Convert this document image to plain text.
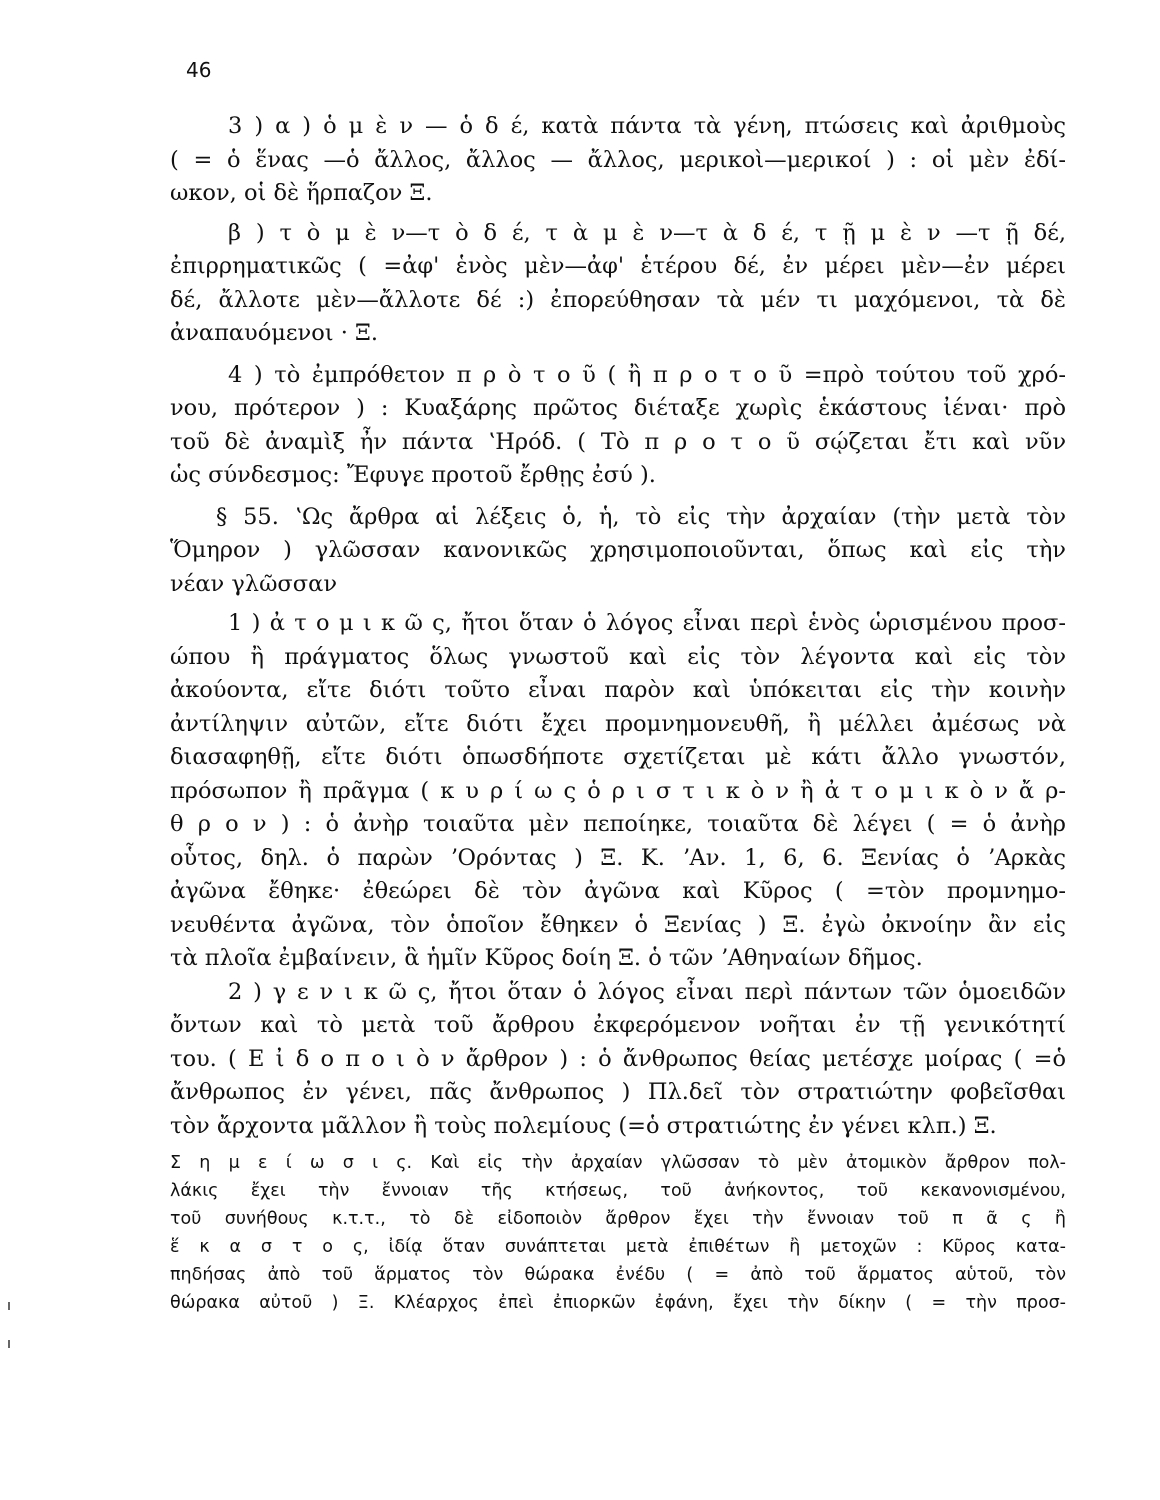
46
3 ) α ) ὁ μ ὲ ν — ὁ δ έ, κατὰ πάντα τὰ γένη, πτώσεις καὶ ἀριθμοὺς
( = ὁ ἕνας —ὁ ἄλλος, ἄλλος — ἄλλος, μερικοὶ—μερικοί ) : οἱ μὲν ἐδί-
ωκον, οἱ δὲ ἥρπαζον Ξ.
β ) τ ὸ μ ὲ ν—τ ὸ δ έ, τ ὰ μ ὲ ν—τ ὰ δ έ, τ ῇ μ ὲ ν —τ ῇ δέ,
ἐπιρρηματικῶς ( =ἀφ' ἑνὸς μὲν—ἀφ' ἑτέρου δέ, ἐν μέρει μὲν—ἐν μέρει
δέ, ἄλλοτε μὲν—ἄλλοτε δέ :) ἐπορεύθησαν τὰ μέν τι μαχόμενοι, τὰ δὲ
ἀναπαυόμενοι · Ξ.
4 ) τὸ ἐμπρόθετον π ρ ὸ τ ο ῦ ( ἢ π ρ ο τ ο ῦ =πρὸ τούτου τοῦ χρό-
νου, πρότερον ) : Κυαξάρης πρῶτος διέταξε χωρὶς ἑκάστους ἰέναι· πρὸ
τοῦ δὲ ἀναμὶξ ἦν πάντα ʽΗρόδ. ( Τὸ π ρ ο τ ο ῦ σῴζεται ἔτι καὶ νῦν
ὡς σύνδεσμος: Ἔφυγε προτοῦ ἔρθῃς ἐσύ ).
§ 55. ʽΩς ἄρθρα αἱ λέξεις ὁ, ἡ, τὸ εἰς τὴν ἀρχαίαν (τὴν μετὰ τὸν
Ὅμηρον ) γλῶσσαν κανονικῶς χρησιμοποιοῦνται, ὅπως καὶ εἰς τὴν
νέαν γλῶσσαν
1 ) ἀ τ ο μ ι κ ῶ ς, ἤτοι ὅταν ὁ λόγος εἶναι περὶ ἑνὸς ὡρισμένου προσ-
ώπου ἢ πράγματος ὅλως γνωστοῦ καὶ εἰς τὸν λέγοντα καὶ εἰς τὸν
ἀκούοντα, εἴτε διότι τοῦτο εἶναι παρὸν καὶ ὑπόκειται εἰς τὴν κοινὴν
ἀντίληψιν αὐτῶν, εἴτε διότι ἔχει προμνημονευθῆ, ἢ μέλλει ἀμέσως νὰ
διασαφηθῇ, εἴτε διότι ὁπωσδήποτε σχετίζεται μὲ κάτι ἄλλο γνωστόν,
πρόσωπον ἢ πρᾶγμα ( κ υ ρ ί ω ς ὁ ρ ι σ τ ι κ ὸ ν ἢ ἀ τ ο μ ι κ ὸ ν ἄ ρ-
θ ρ ο ν ) : ὁ ἀνὴρ τοιαῦτα μὲν πεποίηκε, τοιαῦτα δὲ λέγει ( = ὁ ἀνὴρ
οὗτος, δηλ. ὁ παρὼν ʼΟρόντας ) Ξ. Κ. ʼΑν. 1, 6, 6. Ξενίας ὁ ʼΑρκὰς
ἀγῶνα ἔθηκε· ἐθεώρει δὲ τὸν ἀγῶνα καὶ Κῦρος ( =τὸν προμνημο-
νευθέντα ἀγῶνα, τὸν ὁποῖον ἔθηκεν ὁ Ξενίας ) Ξ. ἐγὼ ὀκνοίην ἂν εἰς
τὰ πλοῖα ἐμβαίνειν, ἃ ἡμῖν Κῦρος δοίη Ξ. ὁ τῶν ʼΑθηναίων δῆμος.
2 ) γ ε ν ι κ ῶ ς, ἤτοι ὅταν ὁ λόγος εἶναι περὶ πάντων τῶν ὁμοειδῶν
ὄντων καὶ τὸ μετὰ τοῦ ἄρθρου ἐκφερόμενον νοῆται ἐν τῇ γενικότητί
του. ( Ε ἰ δ ο π ο ι ὸ ν ἄρθρον ) : ὁ ἄνθρωπος θείας μετέσχε μοίρας ( =ὁ
ἄνθρωπος ἐν γένει, πᾶς ἄνθρωπος ) Πλ.δεῖ τὸν στρατιώτην φοβεῖσθαι
τὸν ἄρχοντα μᾶλλον ἢ τοὺς πολεμίους (=ὁ στρατιώτης ἐν γένει κλπ.) Ξ.
Σ η μ ε ί ω σ ι ς. Καὶ εἰς τὴν ἀρχαίαν γλῶσσαν τὸ μὲν ἀτομικὸν ἄρθρον πολ-
λάκις ἔχει τὴν ἔννοιαν τῆς κτήσεως, τοῦ ἀνήκοντος, τοῦ κεκανονισμένου,
τοῦ συνήθους κ.τ.τ., τὸ δὲ εἰδοποιὸν ἄρθρον ἔχει τὴν ἔννοιαν τοῦ π ᾶ ς ἢ
ἕ κ α σ τ ο ς, ἰδίᾳ ὅταν συνάπτεται μετὰ ἐπιθέτων ἢ μετοχῶν : Κῦρος κατα-
πηδήσας ἀπὸ τοῦ ἅρματος τὸν θώρακα ἐνέδυ ( = ἀπὸ τοῦ ἅρματος αὑτοῦ, τὸν
θώρακα αὐτοῦ ) Ξ. Κλέαρχος ἐπεὶ ἐπιορκῶν ἐφάνη, ἔχει τὴν δίκην ( = τὴν προσ-
